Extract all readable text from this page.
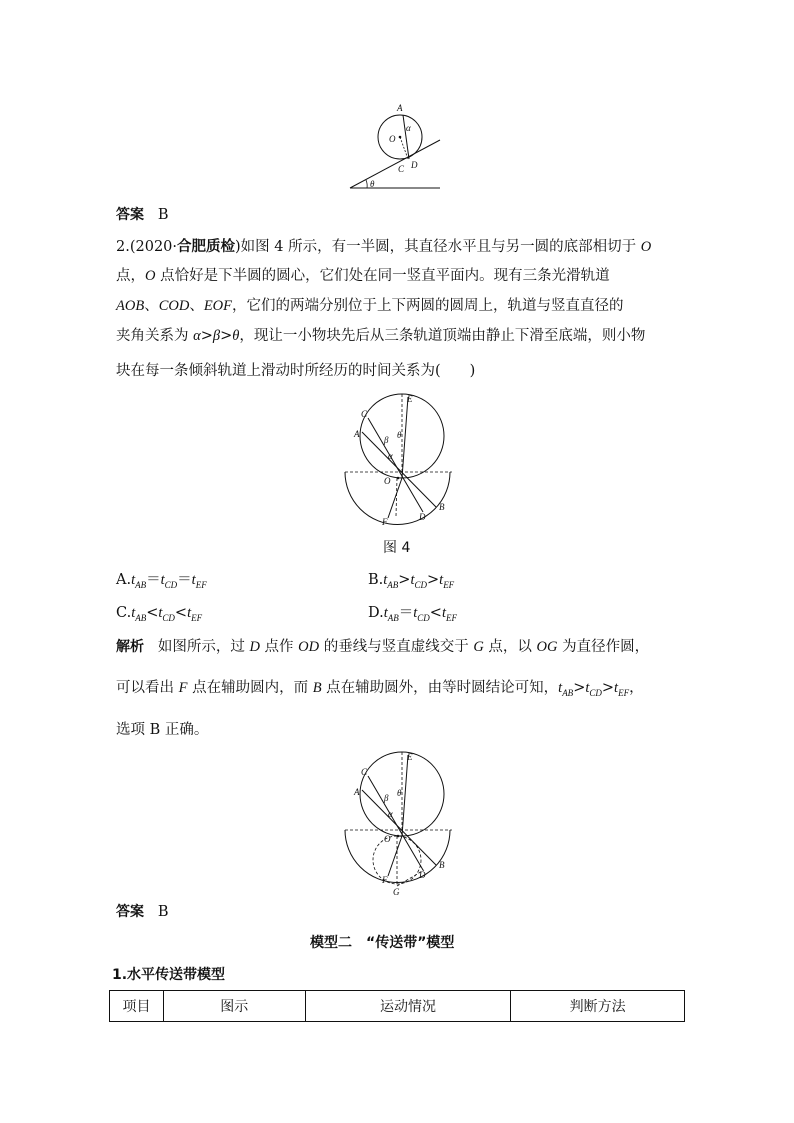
A
O
α
C D
θ
答案 B
2.(2020·合肥质检)如图 4 所示，有一半圆，其直径水平且与另一圆的底部相切于 O
点，O 点恰好是下半圆的圆心，它们处在同一竖直平面内。现有三条光滑轨道
AOB、COD、EOF，它们的两端分别位于上下两圆的圆周上，轨道与竖直直径的
夹角关系为 α>β>θ，现让一小物块先后从三条轨道顶端由静止下滑至底端，则小物
块在每一条倾斜轨道上滑动时所经历的时间关系为(　　)
C
E
A
β θ
α
O
B
D
F
图 4
$A.t_{AB}=t_{CD}=t_{EF}$	$B.t_{AB}>t_{CD}>t_{EF}$
$C.t_{AB}<t_{CD}<t_{EF}$	$D.t_{AB}=t_{CD}<t_{EF}$
解析   如图所示，过 D 点作 OD 的垂线与竖直虚线交于 G 点，以 OG 为直径作圆，
可以看出 F 点在辅助圆内，而 B 点在辅助圆外，由等时圆结论可知，$t_{AB}>t_{CD}>t_{EF}$，
选项 B 正确。
C
E
A
β θ
α
O
B
D
F
G
答案 B
模型二　“传送带”模型
1.水平传送带模型
项目	图示	运动情况	判断方法
